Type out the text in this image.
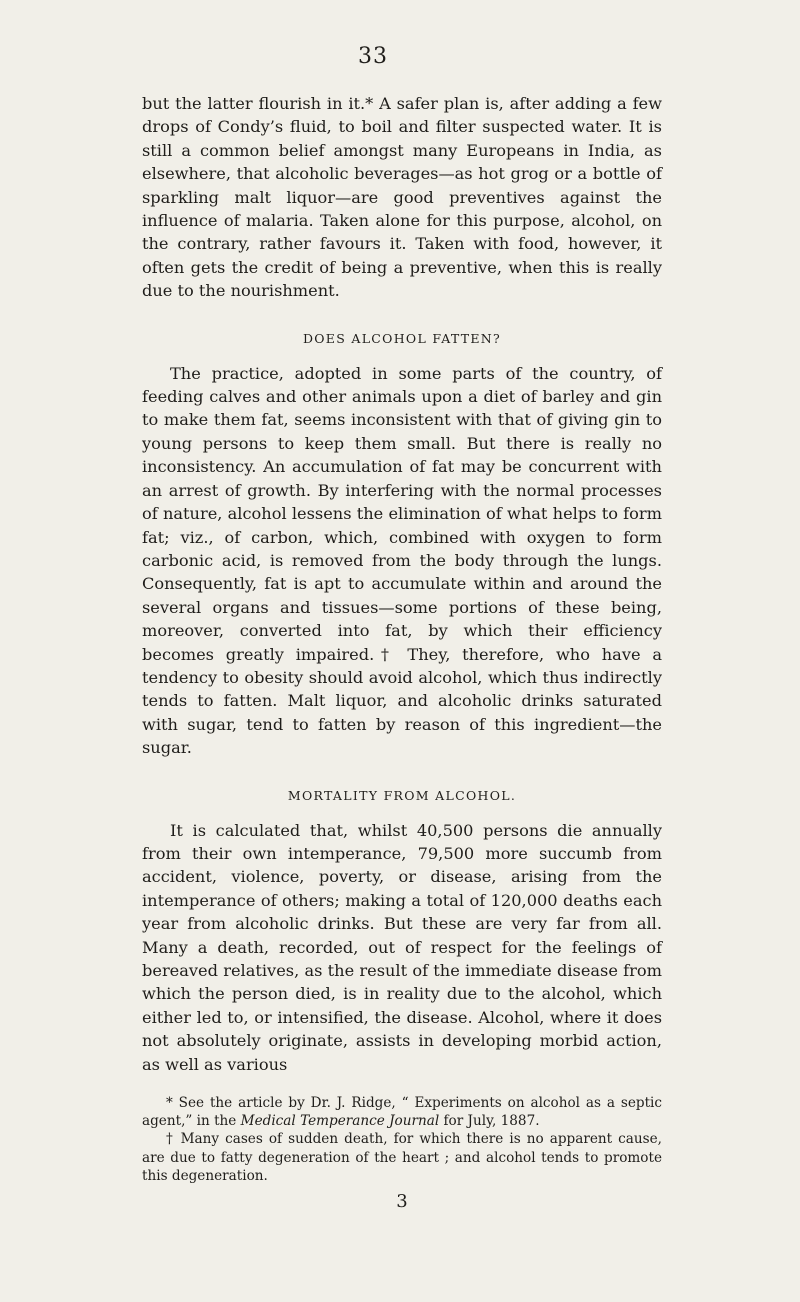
33

but the latter flourish in it.* A safer plan is, after adding a few drops of Condy’s fluid, to boil and filter suspected water. It is still a common belief amongst many Europeans in India, as elsewhere, that alcoholic beverages—as hot grog or a bottle of sparkling malt liquor—are good preventives against the influence of malaria. Taken alone for this purpose, alcohol, on the contrary, rather favours it. Taken with food, however, it often gets the credit of being a preventive, when this is really due to the nourishment.

DOES ALCOHOL FATTEN?

The practice, adopted in some parts of the country, of feeding calves and other animals upon a diet of barley and gin to make them fat, seems inconsistent with that of giving gin to young persons to keep them small. But there is really no inconsistency. An accumulation of fat may be concurrent with an arrest of growth. By interfering with the normal processes of nature, alcohol lessens the elimination of what helps to form fat; viz., of carbon, which, combined with oxygen to form carbonic acid, is removed from the body through the lungs. Consequently, fat is apt to accumulate within and around the several organs and tissues—some portions of these being, moreover, converted into fat, by which their efficiency becomes greatly impaired.† They, therefore, who have a tendency to obesity should avoid alcohol, which thus indirectly tends to fatten. Malt liquor, and alcoholic drinks saturated with sugar, tend to fatten by reason of this ingredient—the sugar.

MORTALITY FROM ALCOHOL.

It is calculated that, whilst 40,500 persons die annually from their own intemperance, 79,500 more succumb from accident, violence, poverty, or disease, arising from the intemperance of others; making a total of 120,000 deaths each year from alcoholic drinks. But these are very far from all. Many a death, recorded, out of respect for the feelings of bereaved relatives, as the result of the immediate disease from which the person died, is in reality due to the alcohol, which either led to, or intensified, the disease. Alcohol, where it does not absolutely originate, assists in developing morbid action, as well as various

* See the article by Dr. J. Ridge, “ Experiments on alcohol as a septic agent,” in the Medical Temperance Journal for July, 1887.

† Many cases of sudden death, for which there is no apparent cause, are due to fatty degeneration of the heart ; and alcohol tends to promote this degeneration.

3
